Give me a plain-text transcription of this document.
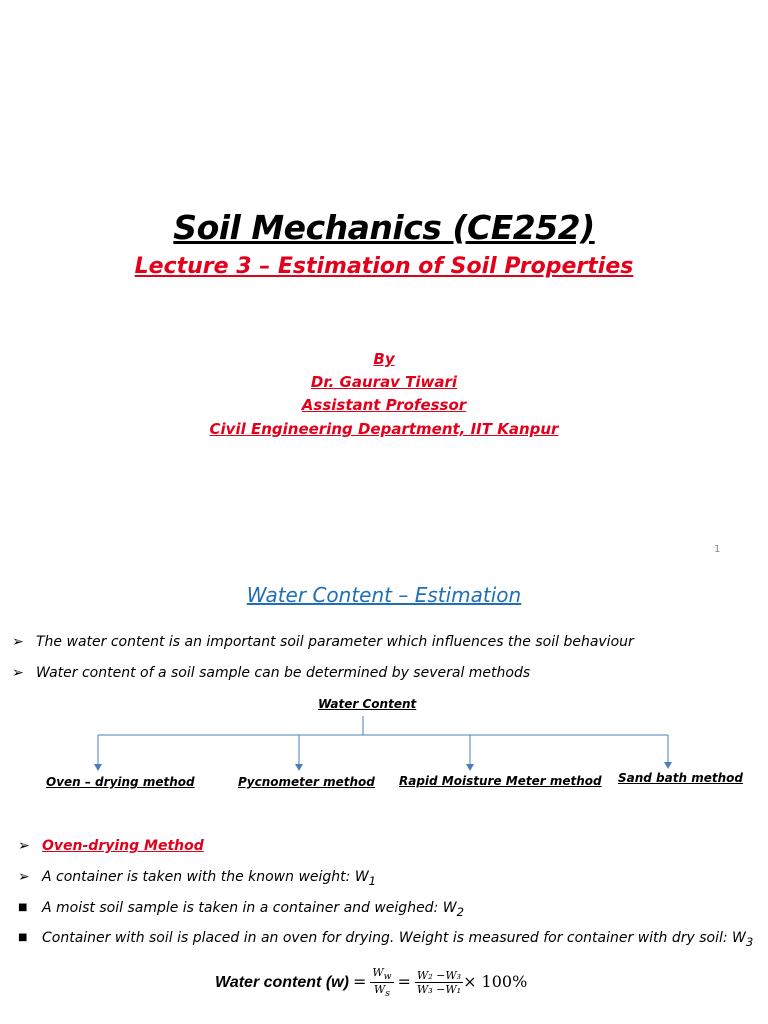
Soil Mechanics (CE252)
Lecture 3 – Estimation of Soil Properties
By
Dr. Gaurav Tiwari
Assistant Professor
Civil Engineering Department, IIT Kanpur
1
Water Content – Estimation
➢ The water content is an important soil parameter which influences the soil behaviour
➢ Water content of a soil sample can be determined by several methods
Water Content
Oven – drying method	Pycnometer method Rapid Moisture Meter method Sand bath method
➢ Oven-drying Method
➢ A container is taken with the known weight: $W_1$
■ A moist soil sample is taken in a container and weighed: $W_2$
■ Container with soil is placed in an oven for drying. Weight is measured for container with dry soil: $W_3$
Water content $(w) = \frac{W_w}{W_s} = \frac{\text{W₂ −W₃}}{\text{W₃ −W₁}} \times 100\%$
